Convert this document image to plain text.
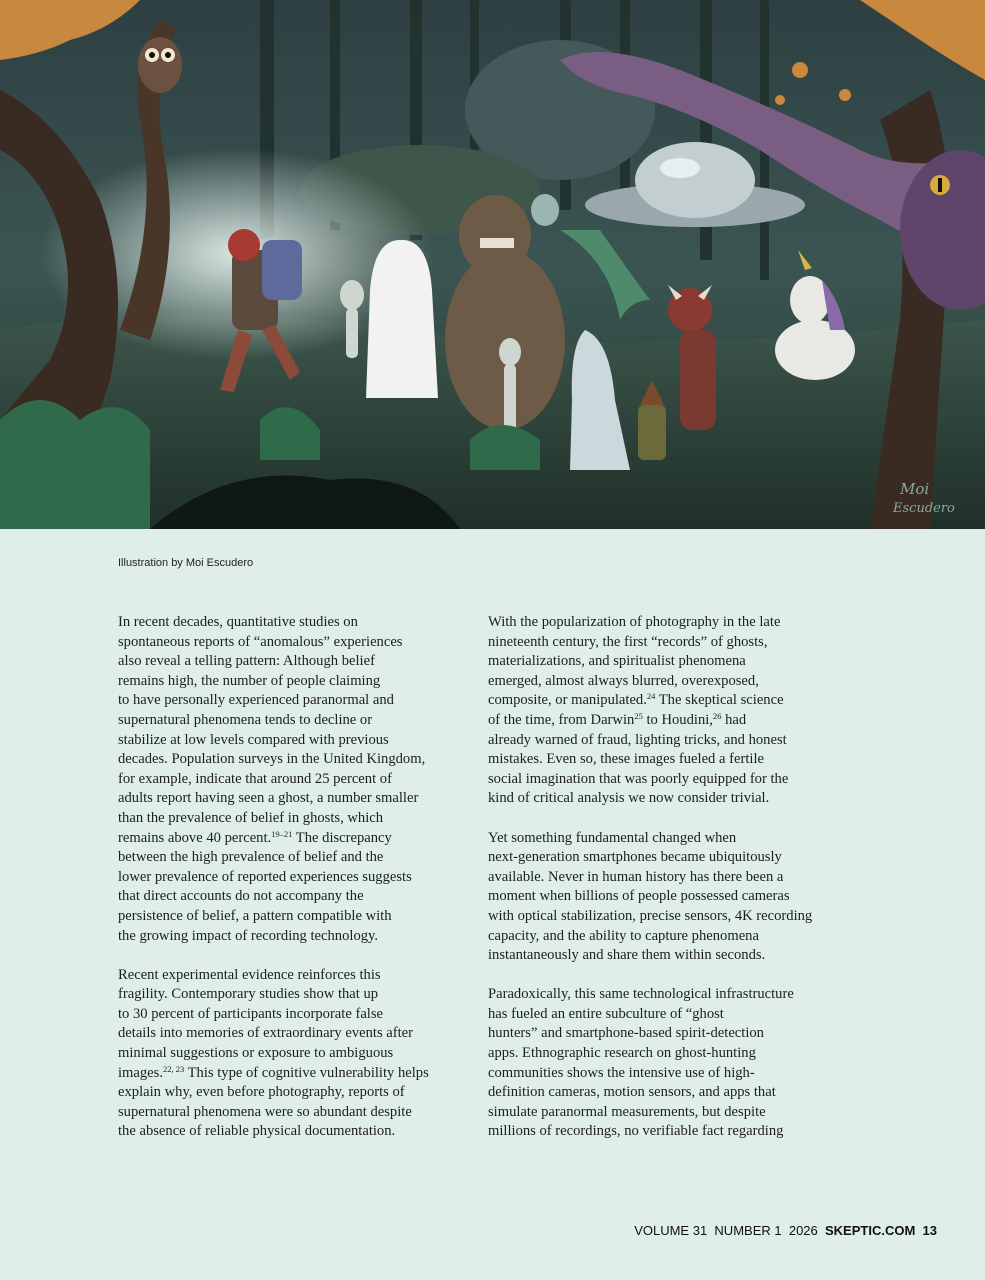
Moi
Escudero
Illustration by Moi Escudero

In recent decades, quantitative studies on
spontaneous reports of “anomalous” experiences
also reveal a telling pattern: Although belief
remains high, the number of people claiming
to have personally experienced paranormal and
supernatural phenomena tends to decline or
stabilize at low levels compared with previous
decades. Population surveys in the United Kingdom,
for example, indicate that around 25 percent of
adults report having seen a ghost, a number smaller
than the prevalence of belief in ghosts, which
remains above 40 percent.$^{19-21}$ The discrepancy
between the high prevalence of belief and the
lower prevalence of reported experiences suggests
that direct accounts do not accompany the
persistence of belief, a pattern compatible with
the growing impact of recording technology.

Recent experimental evidence reinforces this
fragility. Contemporary studies show that up
to 30 percent of participants incorporate false
details into memories of extraordinary events after
minimal suggestions or exposure to ambiguous
images.$^{22, 23}$ This type of cognitive vulnerability helps
explain why, even before photography, reports of
supernatural phenomena were so abundant despite
the absence of reliable physical documentation.

With the popularization of photography in the late
nineteenth century, the first “records” of ghosts,
materializations, and spiritualist phenomena
emerged, almost always blurred, overexposed,
composite, or manipulated.$^{24}$ The skeptical science
of the time, from Darwin$^{25}$ to Houdini,$^{26}$ had
already warned of fraud, lighting tricks, and honest
mistakes. Even so, these images fueled a fertile
social imagination that was poorly equipped for the
kind of critical analysis we now consider trivial.

Yet something fundamental changed when
next-generation smartphones became ubiquitously
available. Never in human history has there been a
moment when billions of people possessed cameras
with optical stabilization, precise sensors, 4K recording
capacity, and the ability to capture phenomena
instantaneously and share them within seconds.

Paradoxically, this same technological infrastructure
has fueled an entire subculture of “ghost
hunters” and smartphone-based spirit-detection
apps. Ethnographic research on ghost-hunting
communities shows the intensive use of high-
definition cameras, motion sensors, and apps that
simulate paranormal measurements, but despite
millions of recordings, no verifiable fact regarding

VOLUME 31 NUMBER 1 2026 SKEPTIC.COM 13
